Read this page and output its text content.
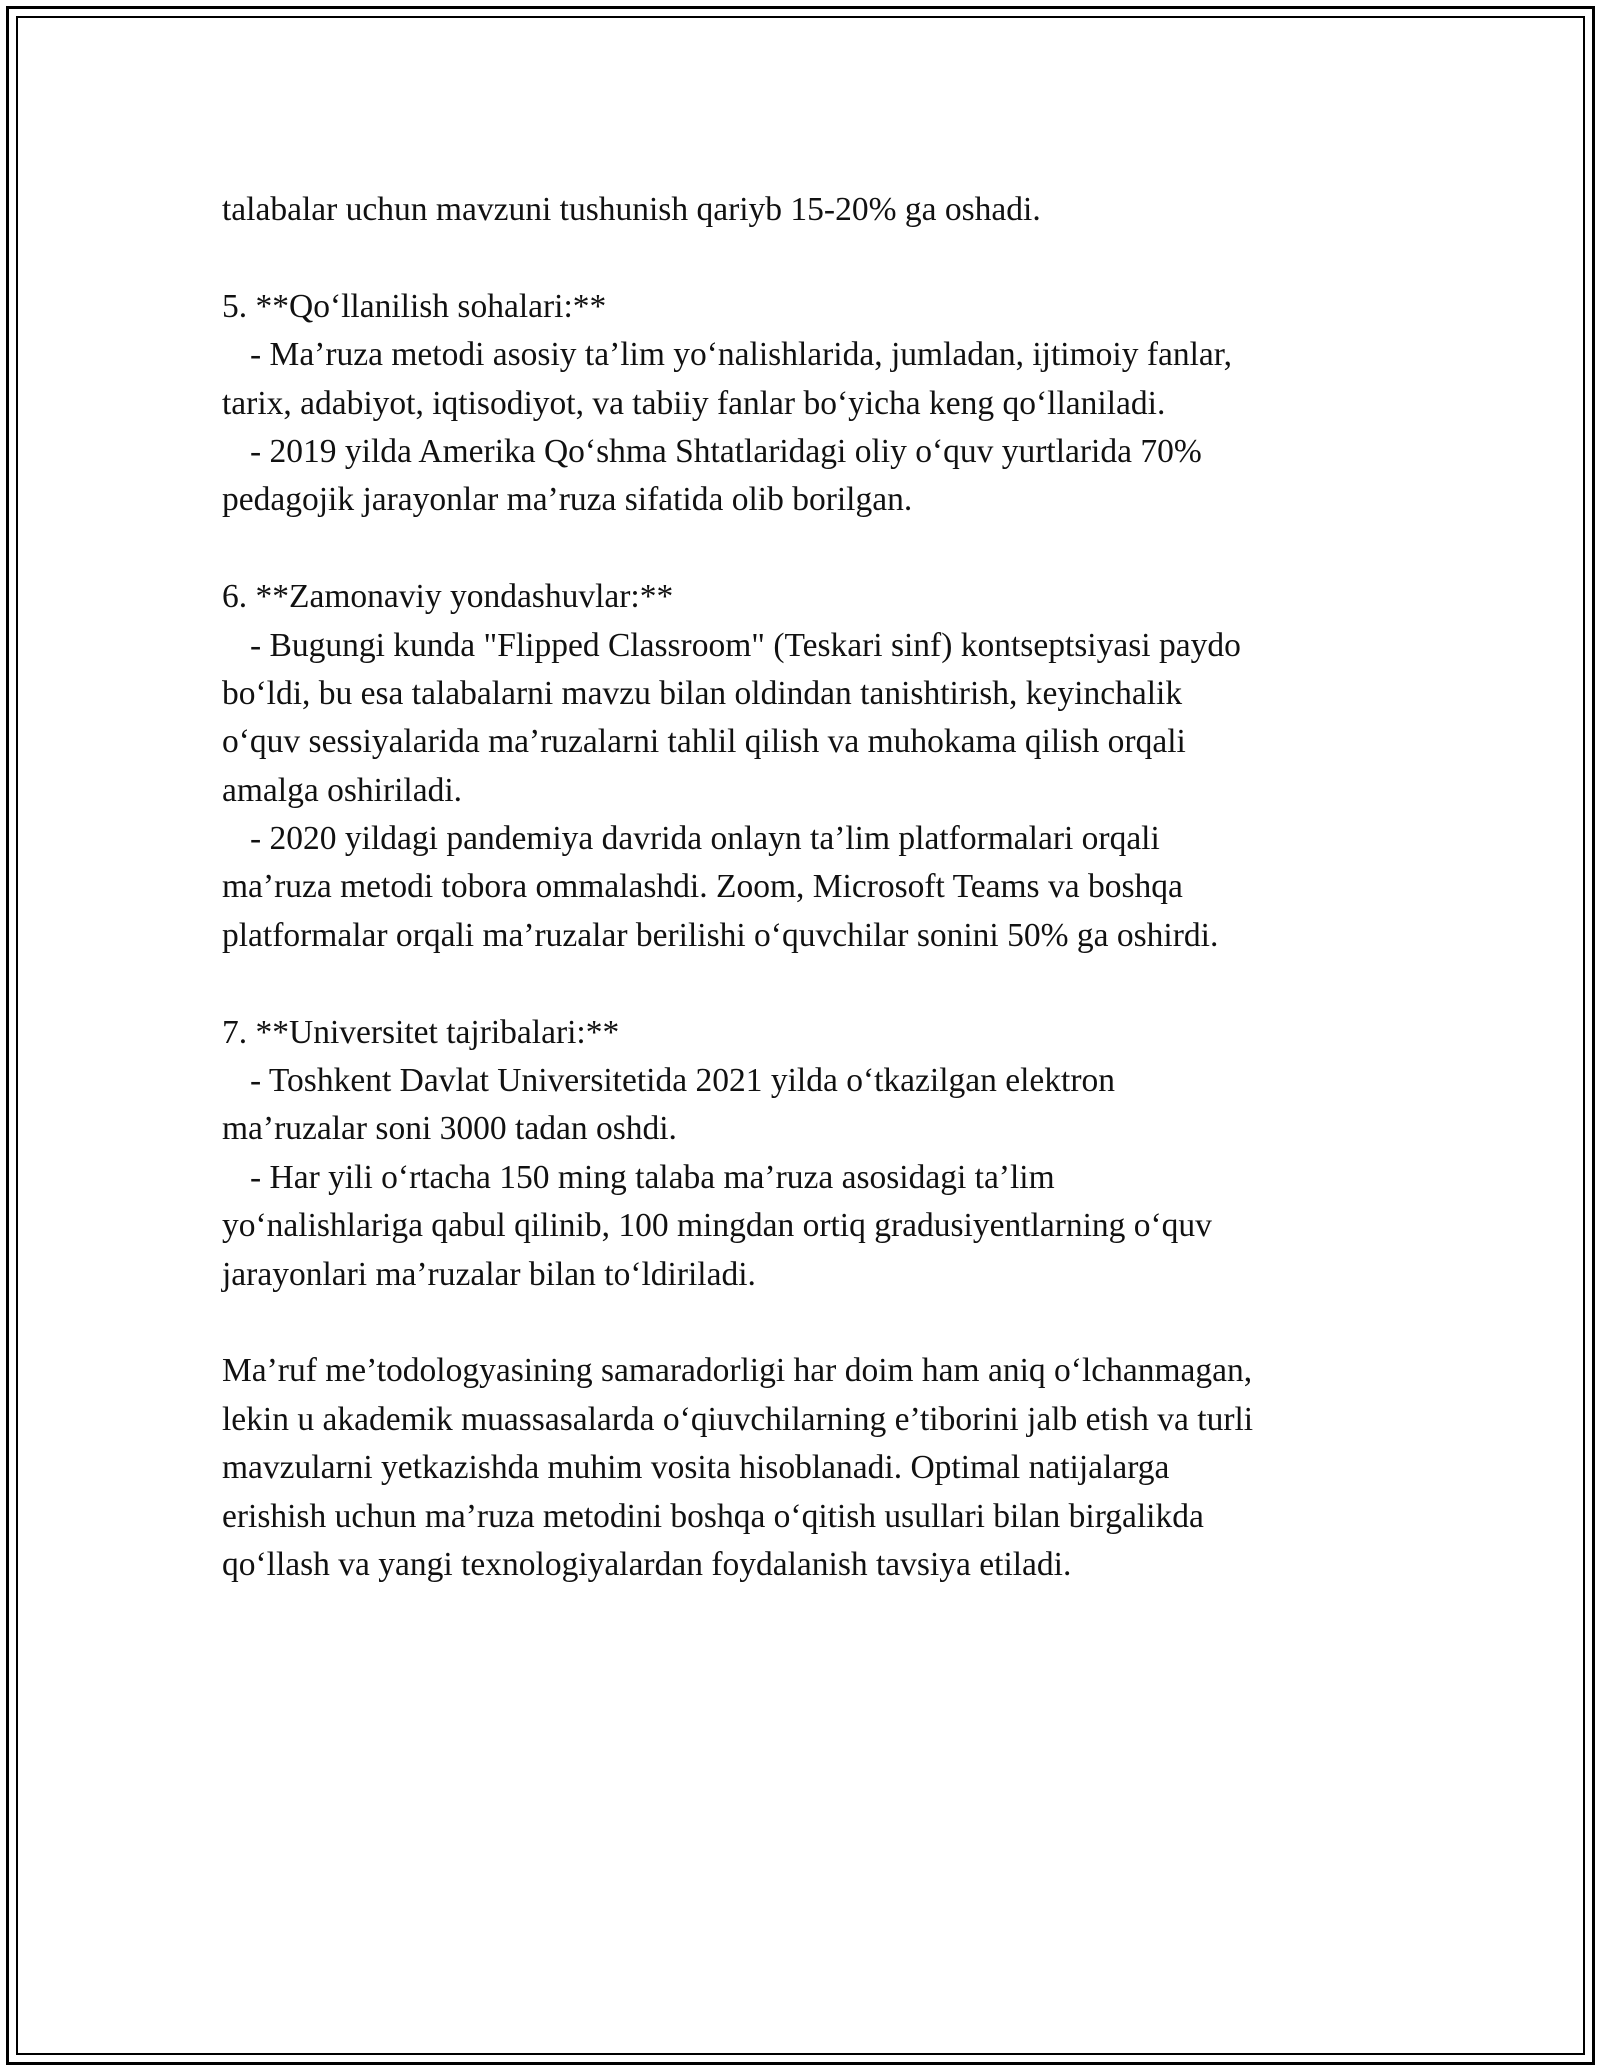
talabalar uchun mavzuni tushunish qariyb 15-20% ga oshadi.
5. **Qo‘llanilish sohalari:**
- Ma’ruza metodi asosiy ta’lim yo‘nalishlarida, jumladan, ijtimoiy fanlar,
tarix, adabiyot, iqtisodiyot, va tabiiy fanlar bo‘yicha keng qo‘llaniladi.
- 2019 yilda Amerika Qo‘shma Shtatlaridagi oliy o‘quv yurtlarida 70%
pedagojik jarayonlar ma’ruza sifatida olib borilgan.
6. **Zamonaviy yondashuvlar:**
- Bugungi kunda "Flipped Classroom" (Teskari sinf) kontseptsiyasi paydo
bo‘ldi, bu esa talabalarni mavzu bilan oldindan tanishtirish, keyinchalik
o‘quv sessiyalarida ma’ruzalarni tahlil qilish va muhokama qilish orqali
amalga oshiriladi.
- 2020 yildagi pandemiya davrida onlayn ta’lim platformalari orqali
ma’ruza metodi tobora ommalashdi. Zoom, Microsoft Teams va boshqa
platformalar orqali ma’ruzalar berilishi o‘quvchilar sonini 50% ga oshirdi.
7. **Universitet tajribalari:**
- Toshkent Davlat Universitetida 2021 yilda o‘tkazilgan elektron
ma’ruzalar soni 3000 tadan oshdi.
- Har yili o‘rtacha 150 ming talaba ma’ruza asosidagi ta’lim
yo‘nalishlariga qabul qilinib, 100 mingdan ortiq gradusiyentlarning o‘quv
jarayonlari ma’ruzalar bilan to‘ldiriladi.
Ma’ruf me’todologyasining samaradorligi har doim ham aniq o‘lchanmagan,
lekin u akademik muassasalarda o‘qiuvchilarning e’tiborini jalb etish va turli
mavzularni yetkazishda muhim vosita hisoblanadi. Optimal natijalarga
erishish uchun ma’ruza metodini boshqa o‘qitish usullari bilan birgalikda
qo‘llash va yangi texnologiyalardan foydalanish tavsiya etiladi.
